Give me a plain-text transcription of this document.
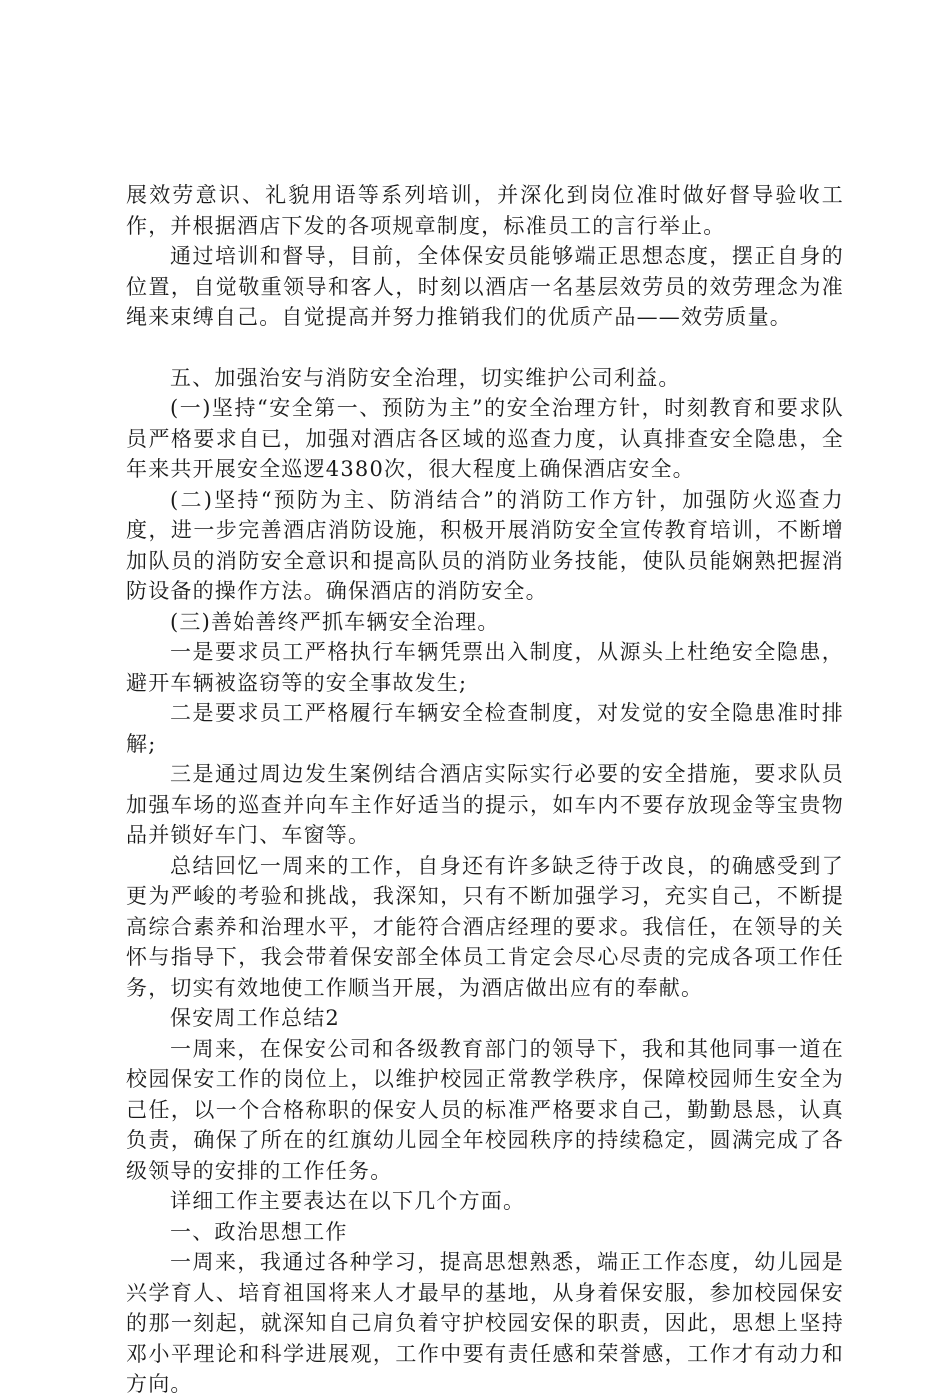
展效劳意识、礼貌用语等系列培训，并深化到岗位准时做好督导验收工作，并根据酒店下发的各项规章制度，标准员工的言行举止。

通过培训和督导，目前，全体保安员能够端正思想态度，摆正自身的位置，自觉敬重领导和客人，时刻以酒店一名基层效劳员的效劳理念为准绳来束缚自己。自觉提高并努力推销我们的优质产品——效劳质量。

五、加强治安与消防安全治理，切实维护公司利益。

(一)坚持“安全第一、预防为主”的安全治理方针，时刻教育和要求队员严格要求自已，加强对酒店各区域的巡查力度，认真排查安全隐患，全年来共开展安全巡逻4380次，很大程度上确保酒店安全。

(二)坚持“预防为主、防消结合”的消防工作方针，加强防火巡查力度，进一步完善酒店消防设施，积极开展消防安全宣传教育培训，不断增加队员的消防安全意识和提高队员的消防业务技能，使队员能娴熟把握消防设备的操作方法。确保酒店的消防安全。

(三)善始善终严抓车辆安全治理。

一是要求员工严格执行车辆凭票出入制度，从源头上杜绝安全隐患，避开车辆被盗窃等的安全事故发生;

二是要求员工严格履行车辆安全检查制度，对发觉的安全隐患准时排解;

三是通过周边发生案例结合酒店实际实行必要的安全措施，要求队员加强车场的巡查并向车主作好适当的提示，如车内不要存放现金等宝贵物品并锁好车门、车窗等。

总结回忆一周来的工作，自身还有许多缺乏待于改良，的确感受到了更为严峻的考验和挑战，我深知，只有不断加强学习，充实自己，不断提高综合素养和治理水平，才能符合酒店经理的要求。我信任，在领导的关怀与指导下，我会带着保安部全体员工肯定会尽心尽责的完成各项工作任务，切实有效地使工作顺当开展，为酒店做出应有的奉献。

保安周工作总结2

一周来，在保安公司和各级教育部门的领导下，我和其他同事一道在校园保安工作的岗位上，以维护校园正常教学秩序，保障校园师生安全为己任，以一个合格称职的保安人员的标准严格要求自己，勤勤恳恳，认真负责，确保了所在的红旗幼儿园全年校园秩序的持续稳定，圆满完成了各级领导的安排的工作任务。

详细工作主要表达在以下几个方面。

一、政治思想工作

一周来，我通过各种学习，提高思想熟悉，端正工作态度，幼儿园是兴学育人、培育祖国将来人才最早的基地，从身着保安服，参加校园保安的那一刻起，就深知自己肩负着守护校园安保的职责，因此，思想上坚持邓小平理论和科学进展观，工作中要有责任感和荣誉感，工作才有动力和方向。
